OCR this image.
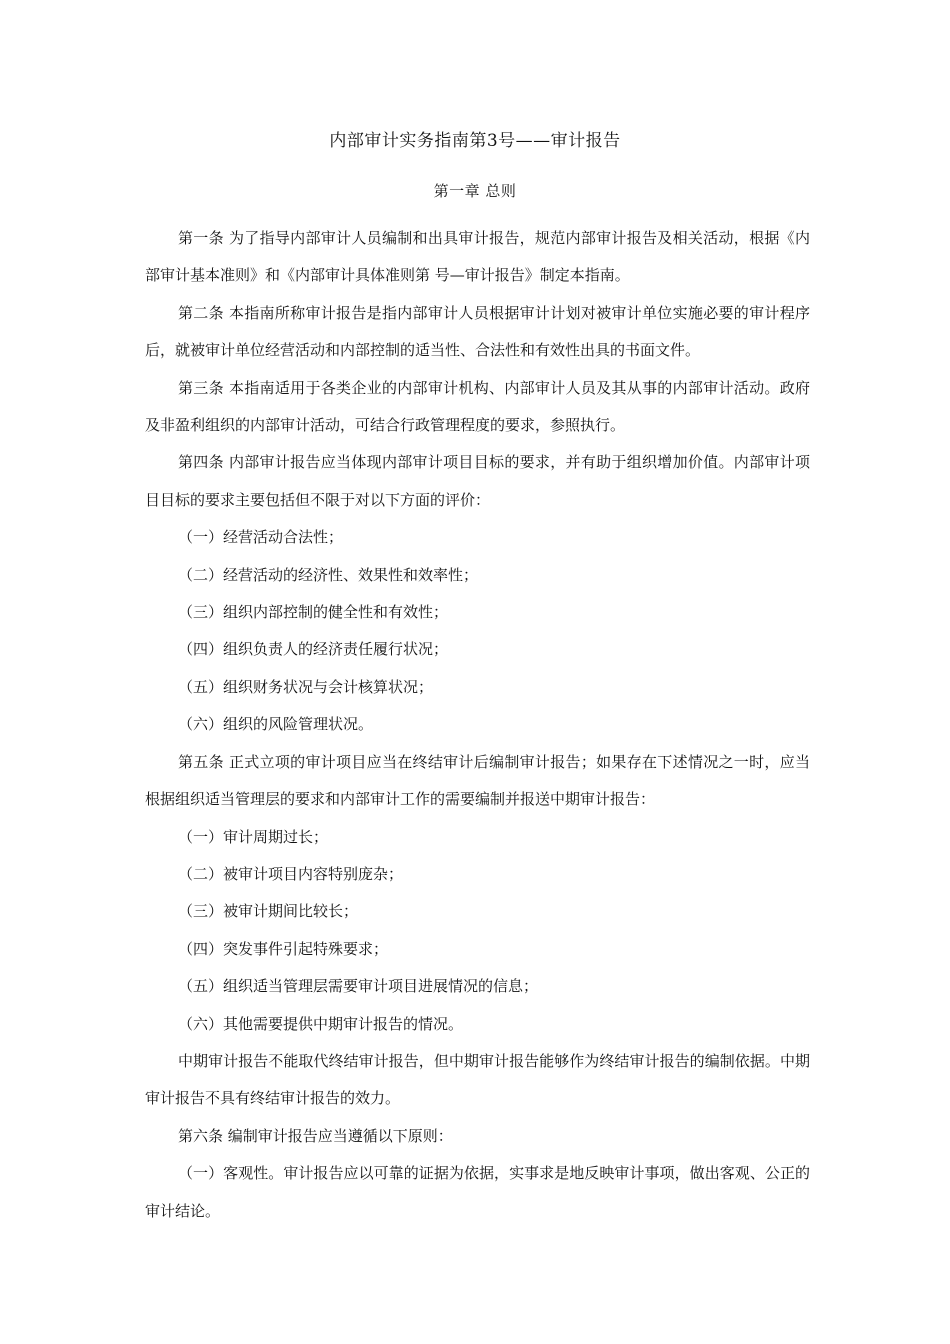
内部审计实务指南第3号——审计报告
第一章 总则

第一条 为了指导内部审计人员编制和出具审计报告，规范内部审计报告及相关活动，根据《内部审计基本准则》和《内部审计具体准则第 号—审计报告》制定本指南。

第二条 本指南所称审计报告是指内部审计人员根据审计计划对被审计单位实施必要的审计程序后，就被审计单位经营活动和内部控制的适当性、合法性和有效性出具的书面文件。

第三条 本指南适用于各类企业的内部审计机构、内部审计人员及其从事的内部审计活动。政府及非盈利组织的内部审计活动，可结合行政管理程度的要求，参照执行。

第四条 内部审计报告应当体现内部审计项目目标的要求，并有助于组织增加价值。内部审计项目目标的要求主要包括但不限于对以下方面的评价：

（一）经营活动合法性；

（二）经营活动的经济性、效果性和效率性；

（三）组织内部控制的健全性和有效性；

（四）组织负责人的经济责任履行状况；

（五）组织财务状况与会计核算状况；

（六）组织的风险管理状况。

第五条 正式立项的审计项目应当在终结审计后编制审计报告；如果存在下述情况之一时，应当根据组织适当管理层的要求和内部审计工作的需要编制并报送中期审计报告：

（一）审计周期过长；

（二）被审计项目内容特别庞杂；

（三）被审计期间比较长；

（四）突发事件引起特殊要求；

（五）组织适当管理层需要审计项目进展情况的信息；

（六）其他需要提供中期审计报告的情况。

中期审计报告不能取代终结审计报告，但中期审计报告能够作为终结审计报告的编制依据。中期审计报告不具有终结审计报告的效力。

第六条 编制审计报告应当遵循以下原则：

（一）客观性。审计报告应以可靠的证据为依据，实事求是地反映审计事项，做出客观、公正的审计结论。
